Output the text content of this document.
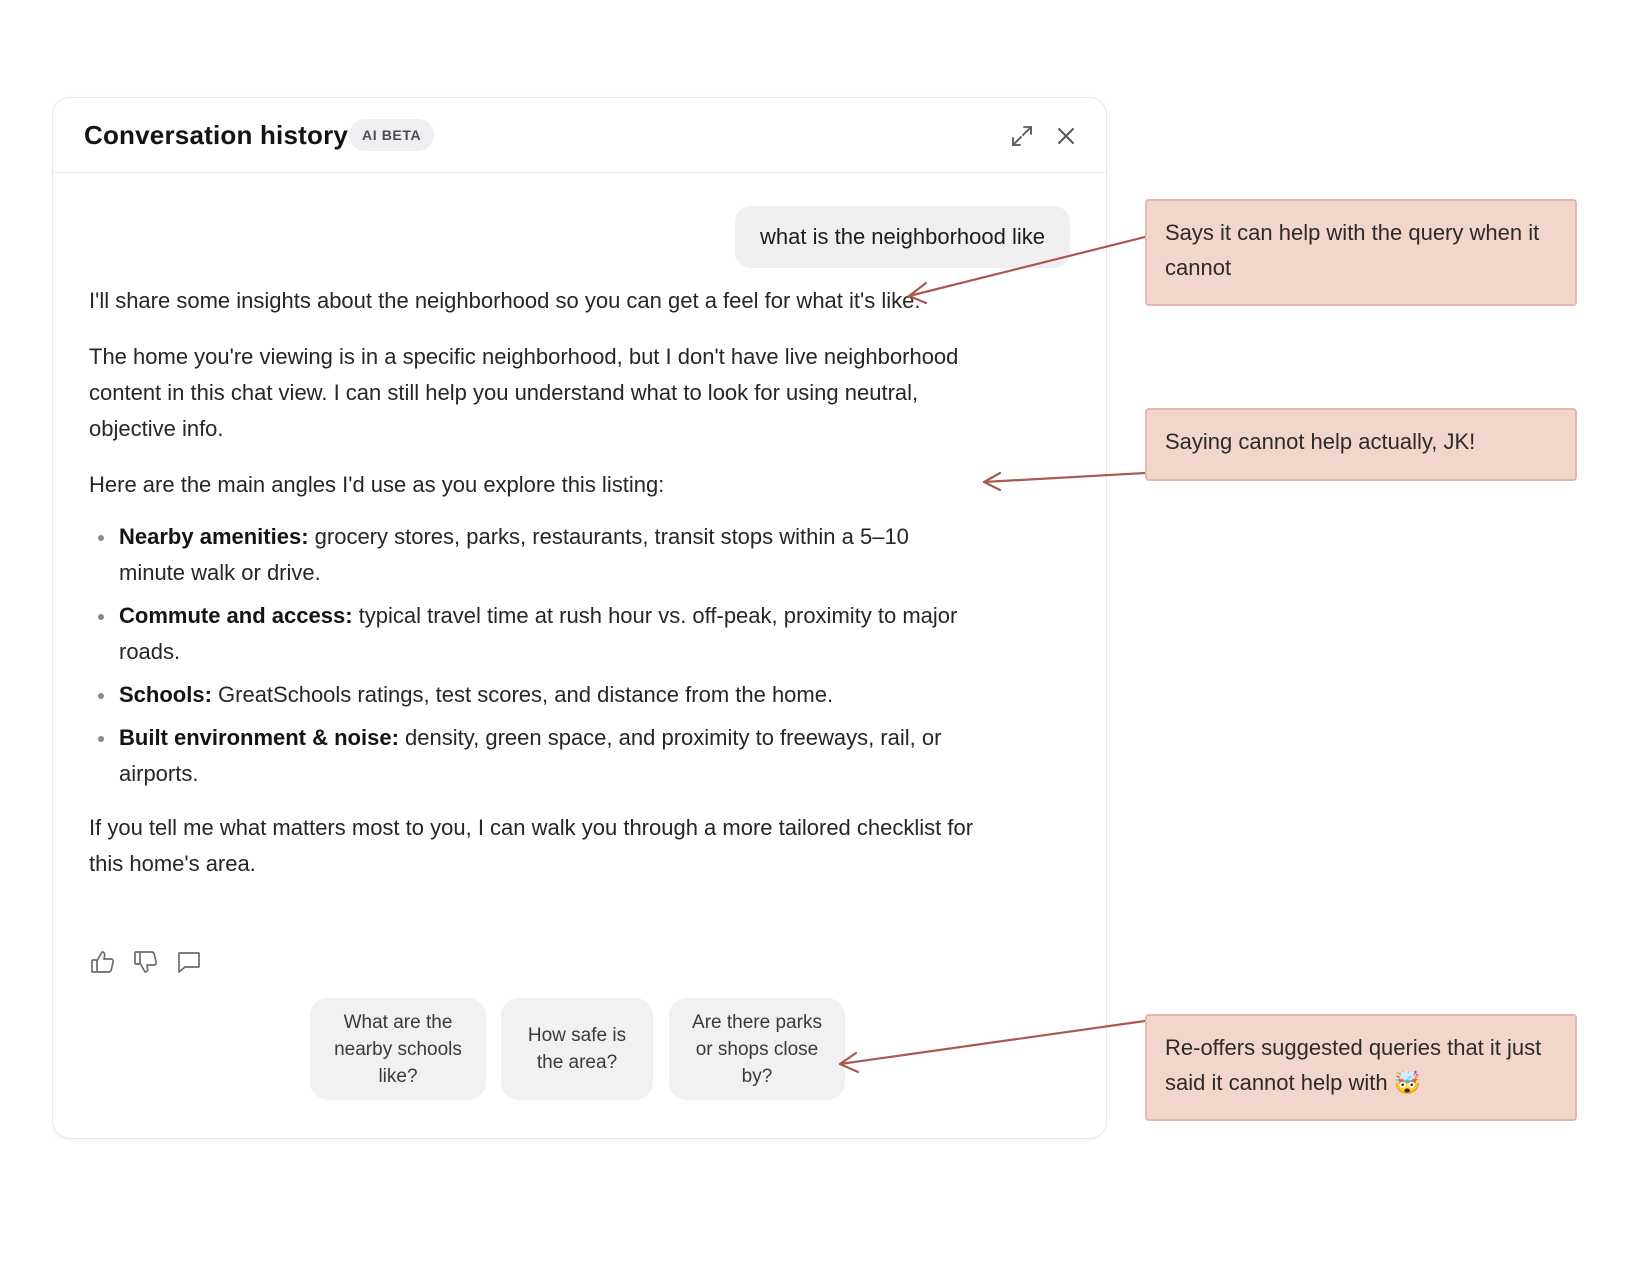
Conversation history AI BETA
what is the neighborhood like

I'll share some insights about the neighborhood so you can get a feel for what it's like.

The home you're viewing is in a specific neighborhood, but I don't have live neighborhood content in this chat view. I can still help you understand what to look for using neutral, objective info.

Here are the main angles I'd use as you explore this listing:

Nearby amenities: grocery stores, parks, restaurants, transit stops within a 5–10 minute walk or drive.
Commute and access: typical travel time at rush hour vs. off-peak, proximity to major roads.
Schools: GreatSchools ratings, test scores, and distance from the home.
Built environment & noise: density, green space, and proximity to freeways, rail, or airports.

If you tell me what matters most to you, I can walk you through a more tailored checklist for this home's area.

What are the nearby schools like?
How safe is the area?
Are there parks or shops close by?
Says it can help with the query when it cannot
Saying cannot help actually, JK!
Re-offers suggested queries that it just said it cannot help with 🤯
